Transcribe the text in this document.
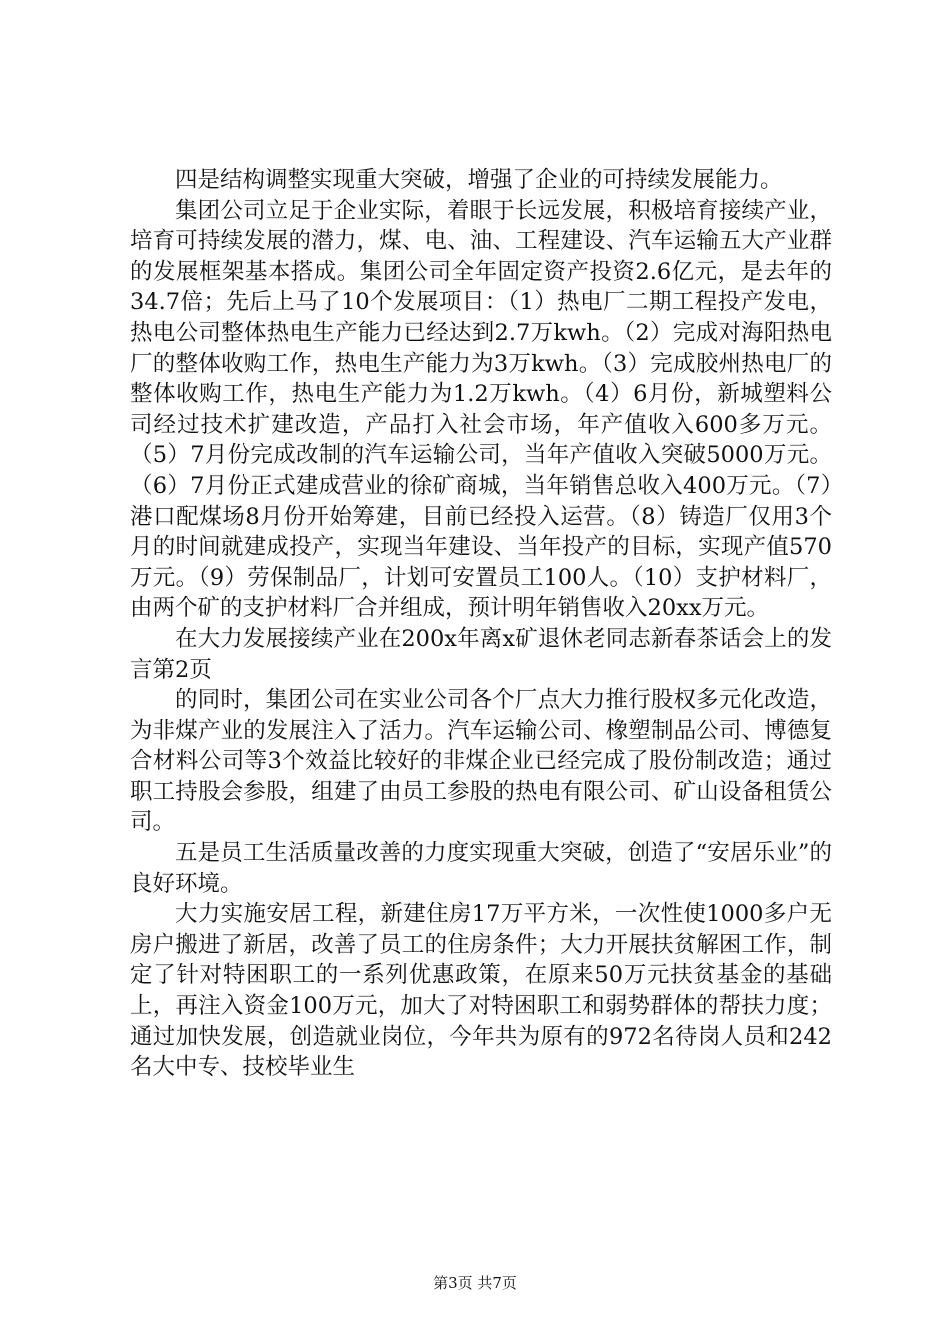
四是结构调整实现重大突破，增强了企业的可持续发展能力。

集团公司立足于企业实际，着眼于长远发展，积极培育接续产业，培育可持续发展的潜力，煤、电、油、工程建设、汽车运输五大产业群的发展框架基本搭成。集团公司全年固定资产投资2.6亿元，是去年的34.7倍；先后上马了10个发展项目：（1）热电厂二期工程投产发电，热电公司整体热电生产能力已经达到2.7万kwh。（2）完成对海阳热电厂的整体收购工作，热电生产能力为3万kwh。（3）完成胶州热电厂的整体收购工作，热电生产能力为1.2万kwh。（4）6月份，新城塑料公司经过技术扩建改造，产品打入社会市场，年产值收入600多万元。（5）7月份完成改制的汽车运输公司，当年产值收入突破5000万元。（6）7月份正式建成营业的徐矿商城，当年销售总收入400万元。（7）港口配煤场8月份开始筹建，目前已经投入运营。（8）铸造厂仅用3个月的时间就建成投产，实现当年建设、当年投产的目标，实现产值570万元。（9）劳保制品厂，计划可安置员工100人。（10）支护材料厂，由两个矿的支护材料厂合并组成，预计明年销售收入20xx万元。

在大力发展接续产业在200x年离x矿退休老同志新春茶话会上的发言第2页

的同时，集团公司在实业公司各个厂点大力推行股权多元化改造，为非煤产业的发展注入了活力。汽车运输公司、橡塑制品公司、博德复合材料公司等3个效益比较好的非煤企业已经完成了股份制改造；通过职工持股会参股，组建了由员工参股的热电有限公司、矿山设备租赁公司。

五是员工生活质量改善的力度实现重大突破，创造了“安居乐业”的良好环境。

大力实施安居工程，新建住房17万平方米，一次性使1000多户无房户搬进了新居，改善了员工的住房条件；大力开展扶贫解困工作，制定了针对特困职工的一系列优惠政策，在原来50万元扶贫基金的基础上，再注入资金100万元，加大了对特困职工和弱势群体的帮扶力度；通过加快发展，创造就业岗位，今年共为原有的972名待岗人员和242名大中专、技校毕业生

第3页 共7页
